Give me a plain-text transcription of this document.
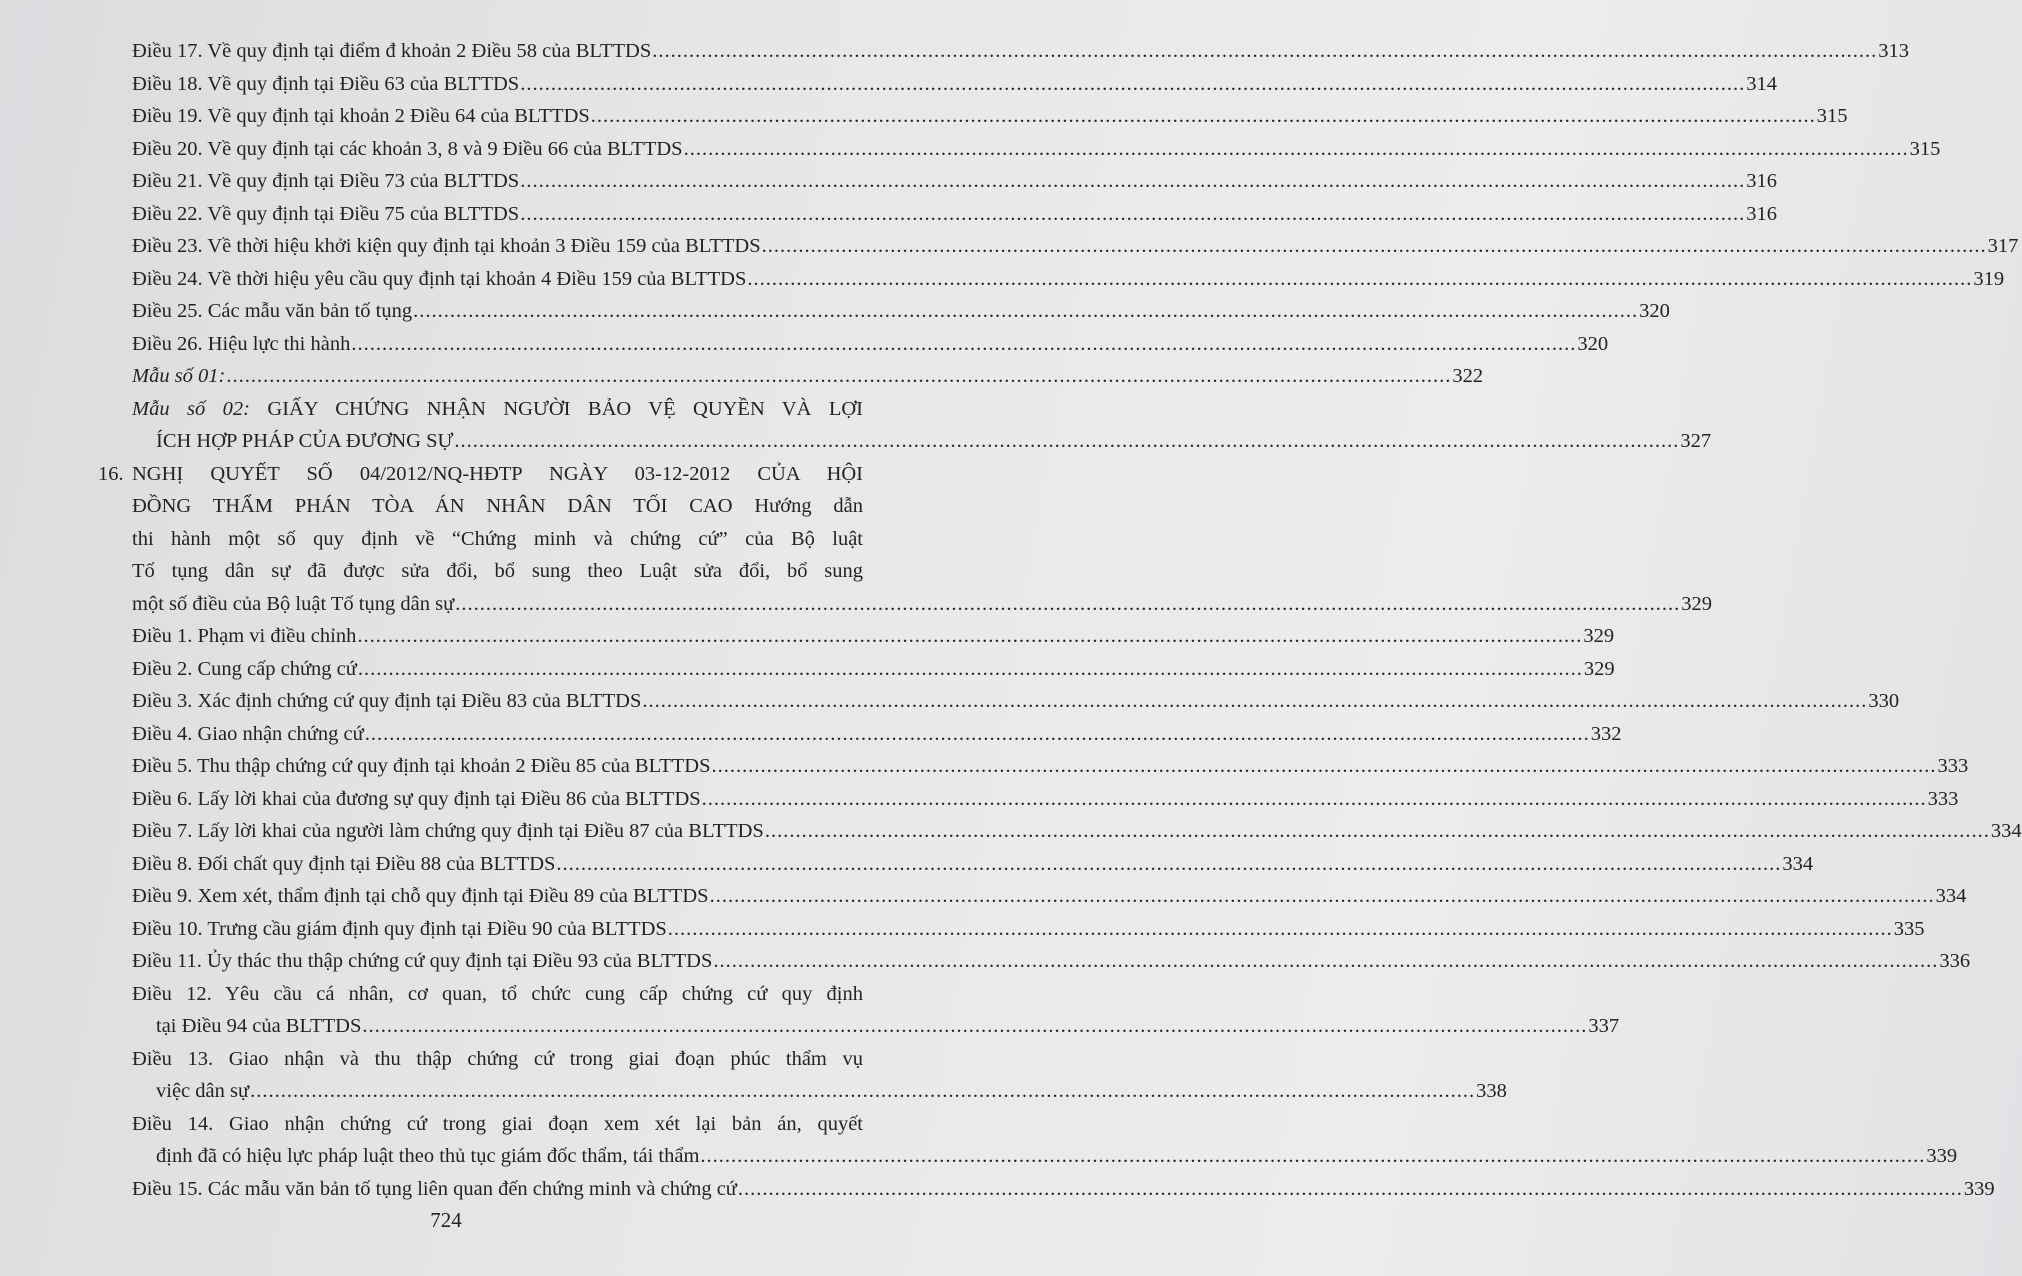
Điều 17. Về quy định tại điểm đ khoản 2 Điều 58 của BLTTDS .....	313
Điều 18. Về quy định tại Điều 63 của BLTTDS .....	314
Điều 19. Về quy định tại khoản 2 Điều 64 của BLTTDS .....	315
Điều 20. Về quy định tại các khoản 3, 8 và 9 Điều 66 của BLTTDS .....	315
Điều 21. Về quy định tại Điều 73 của BLTTDS .....	316
Điều 22. Về quy định tại Điều 75 của BLTTDS .....	316
Điều 23. Về thời hiệu khởi kiện quy định tại khoản 3 Điều 159 của BLTTDS .....	317
Điều 24. Về thời hiệu yêu cầu quy định tại khoản 4 Điều 159 của BLTTDS .....	319
Điều 25. Các mẫu văn bản tố tụng .....	320
Điều 26. Hiệu lực thi hành .....	320
Mẫu số 01: .....	322
Mẫu số 02: GIẤY CHỨNG NHẬN NGƯỜI BẢO VỆ QUYỀN VÀ LỢI
ÍCH HỢP PHÁP CỦA ĐƯƠNG SỰ .....	327
16. NGHỊ QUYẾT SỐ 04/2012/NQ-HĐTP NGÀY 03-12-2012 CỦA HỘI
ĐỒNG THẨM PHÁN TÒA ÁN NHÂN DÂN TỐI CAO Hướng dẫn
thi hành một số quy định về “Chứng minh và chứng cứ” của Bộ luật
Tố tụng dân sự đã được sửa đổi, bổ sung theo Luật sửa đổi, bổ sung
một số điều của Bộ luật Tố tụng dân sự .....	329
Điều 1. Phạm vi điều chỉnh .....	329
Điều 2. Cung cấp chứng cứ .....	329
Điều 3. Xác định chứng cứ quy định tại Điều 83 của BLTTDS .....	330
Điều 4. Giao nhận chứng cứ .....	332
Điều 5. Thu thập chứng cứ quy định tại khoản 2 Điều 85 của BLTTDS .....	333
Điều 6. Lấy lời khai của đương sự quy định tại Điều 86 của BLTTDS .....	333
Điều 7. Lấy lời khai của người làm chứng quy định tại Điều 87 của BLTTDS .....	334
Điều 8. Đối chất quy định tại Điều 88 của BLTTDS .....	334
Điều 9. Xem xét, thẩm định tại chỗ quy định tại Điều 89 của BLTTDS .....	334
Điều 10. Trưng cầu giám định quy định tại Điều 90 của BLTTDS .....	335
Điều 11. Ủy thác thu thập chứng cứ quy định tại Điều 93 của BLTTDS .....	336
Điều 12. Yêu cầu cá nhân, cơ quan, tổ chức cung cấp chứng cứ quy định
tại Điều 94 của BLTTDS .....	337
Điều 13. Giao nhận và thu thập chứng cứ trong giai đoạn phúc thẩm vụ
việc dân sự .....	338
Điều 14. Giao nhận chứng cứ trong giai đoạn xem xét lại bản án, quyết
định đã có hiệu lực pháp luật theo thủ tục giám đốc thẩm, tái thẩm .....	339
Điều 15. Các mẫu văn bản tố tụng liên quan đến chứng minh và chứng cứ .....	339
724
